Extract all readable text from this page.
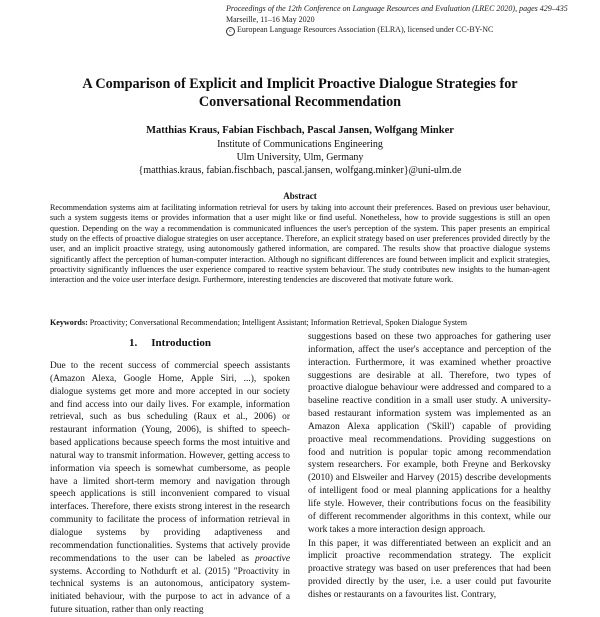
Proceedings of the 12th Conference on Language Resources and Evaluation (LREC 2020), pages 429–435
Marseille, 11–16 May 2020
c European Language Resources Association (ELRA), licensed under CC-BY-NC
A Comparison of Explicit and Implicit Proactive Dialogue Strategies for Conversational Recommendation
Matthias Kraus, Fabian Fischbach, Pascal Jansen, Wolfgang Minker
Institute of Communications Engineering
Ulm University, Ulm, Germany
{matthias.kraus, fabian.fischbach, pascal.jansen, wolfgang.minker}@uni-ulm.de
Abstract
Recommendation systems aim at facilitating information retrieval for users by taking into account their preferences. Based on previous user behaviour, such a system suggests items or provides information that a user might like or find useful. Nonetheless, how to provide suggestions is still an open question. Depending on the way a recommendation is communicated influences the user's perception of the system. This paper presents an empirical study on the effects of proactive dialogue strategies on user acceptance. Therefore, an explicit strategy based on user preferences provided directly by the user, and an implicit proactive strategy, using autonomously gathered information, are compared. The results show that proactive dialogue systems significantly affect the perception of human-computer interaction. Although no significant differences are found between implicit and explicit strategies, proactivity significantly influences the user experience compared to reactive system behaviour. The study contributes new insights to the human-agent interaction and the voice user interface design. Furthermore, interesting tendencies are discovered that motivate future work.
Keywords: Proactivity; Conversational Recommendation; Intelligent Assistant; Information Retrieval, Spoken Dialogue System
1. Introduction

Due to the recent success of commercial speech assistants (Amazon Alexa, Google Home, Apple Siri, ...), spoken dialogue systems get more and more accepted in our society and find access into our daily lives. For example, information retrieval, such as bus scheduling (Raux et al., 2006) or restaurant information (Young, 2006), is shifted to speech-based applications because speech forms the most intuitive and natural way to transmit information. However, getting access to information via speech is somewhat cumbersome, as people have a limited short-term memory and navigation through speech applications is still inconvenient compared to visual interfaces. Therefore, there exists strong interest in the research community to facilitate the process of information retrieval in dialogue systems by providing adaptiveness and recommendation functionalities. Systems that actively provide recommendations to the user can be labeled as proactive systems. According to Nothdurft et al. (2015) "Proactivity in technical systems is an autonomous, anticipatory system-initiated behaviour, with the purpose to act in advance of a future situation, rather than only reacting

suggestions based on these two approaches for gathering user information, affect the user's acceptance and perception of the interaction. Furthermore, it was examined whether proactive suggestions are desirable at all. Therefore, two types of proactive dialogue behaviour were addressed and compared to a baseline reactive condition in a small user study. A university-based restaurant information system was implemented as an Amazon Alexa application ('Skill') capable of providing proactive meal recommendations. Providing suggestions on food and nutrition is popular topic among recommendation system researchers. For example, both Freyne and Berkovsky (2010) and Elsweiler and Harvey (2015) describe developments of intelligent food or meal planning applications for a healthy life style. However, their contributions focus on the feasibility of different recommender algorithms in this context, while our work takes a more interaction design approach.

In this paper, it was differentiated between an explicit and an implicit proactive recommendation strategy. The explicit proactive strategy was based on user preferences that had been provided directly by the user, i.e. a user could put favourite dishes or restaurants on a favourites list. Contrary,
